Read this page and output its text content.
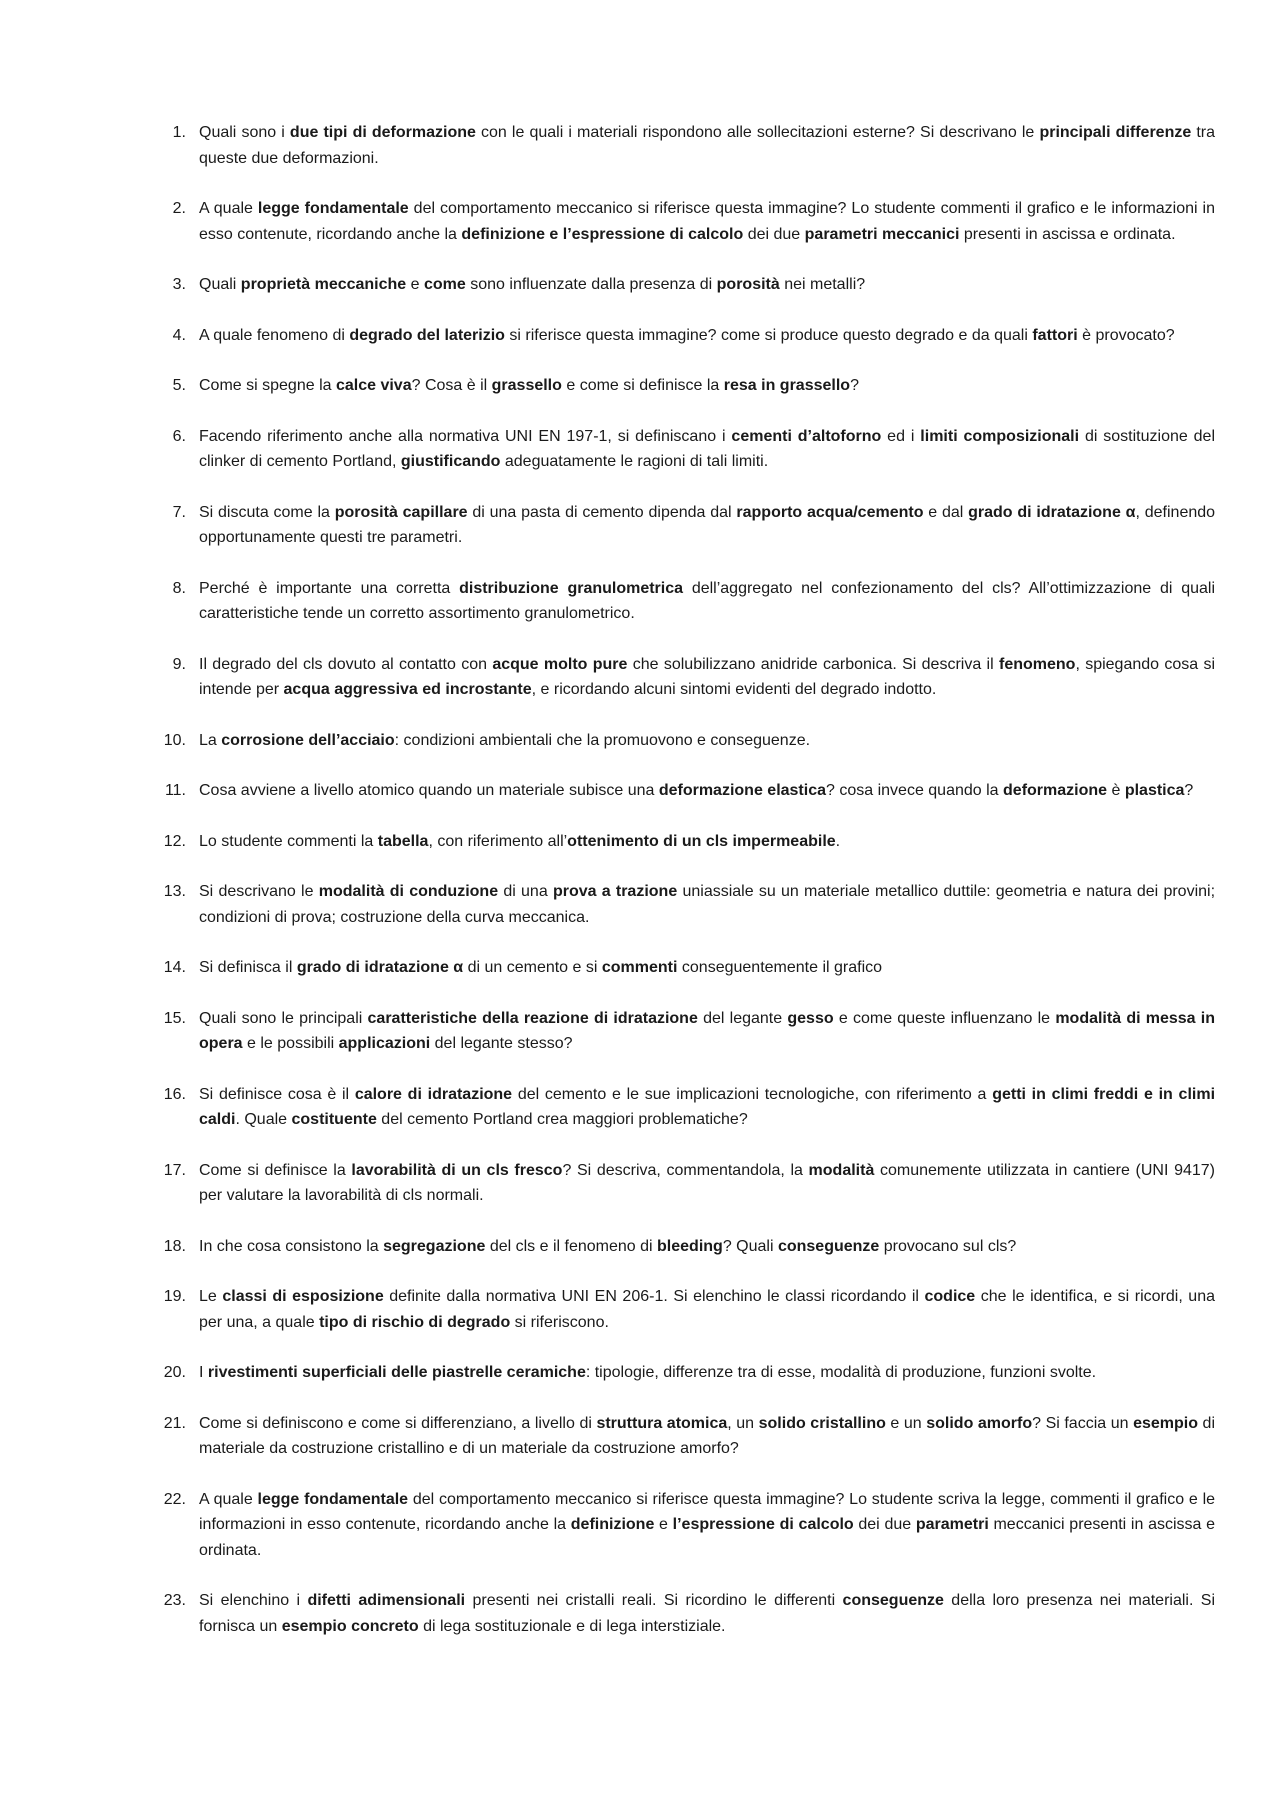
1. Quali sono i due tipi di deformazione con le quali i materiali rispondono alle sollecitazioni esterne? Si descrivano le principali differenze tra queste due deformazioni.
2. A quale legge fondamentale del comportamento meccanico si riferisce questa immagine? Lo studente commenti il grafico e le informazioni in esso contenute, ricordando anche la definizione e l’espressione di calcolo dei due parametri meccanici presenti in ascissa e ordinata.
3. Quali proprietà meccaniche e come sono influenzate dalla presenza di porosità nei metalli?
4. A quale fenomeno di degrado del laterizio si riferisce questa immagine? come si produce questo degrado e da quali fattori è provocato?
5. Come si spegne la calce viva? Cosa è il grassello e come si definisce la resa in grassello?
6. Facendo riferimento anche alla normativa UNI EN 197-1, si definiscano i cementi d’altoforno ed i limiti composizionali di sostituzione del clinker di cemento Portland, giustificando adeguatamente le ragioni di tali limiti.
7. Si discuta come la porosità capillare di una pasta di cemento dipenda dal rapporto acqua/cemento e dal grado di idratazione α, definendo opportunamente questi tre parametri.
8. Perché è importante una corretta distribuzione granulometrica dell’aggregato nel confezionamento del cls? All’ottimizzazione di quali caratteristiche tende un corretto assortimento granulometrico.
9. Il degrado del cls dovuto al contatto con acque molto pure che solubilizzano anidride carbonica. Si descriva il fenomeno, spiegando cosa si intende per acqua aggressiva ed incrostante, e ricordando alcuni sintomi evidenti del degrado indotto.
10. La corrosione dell’acciaio: condizioni ambientali che la promuovono e conseguenze.
11. Cosa avviene a livello atomico quando un materiale subisce una deformazione elastica? cosa invece quando la deformazione è plastica?
12. Lo studente commenti la tabella, con riferimento all’ottenimento di un cls impermeabile.
13. Si descrivano le modalità di conduzione di una prova a trazione uniassiale su un materiale metallico duttile: geometria e natura dei provini; condizioni di prova; costruzione della curva meccanica.
14. Si definisca il grado di idratazione α di un cemento e si commenti conseguentemente il grafico
15. Quali sono le principali caratteristiche della reazione di idratazione del legante gesso e come queste influenzano le modalità di messa in opera e le possibili applicazioni del legante stesso?
16. Si definisce cosa è il calore di idratazione del cemento e le sue implicazioni tecnologiche, con riferimento a getti in climi freddi e in climi caldi. Quale costituente del cemento Portland crea maggiori problematiche?
17. Come si definisce la lavorabilità di un cls fresco? Si descriva, commentandola, la modalità comunemente utilizzata in cantiere (UNI 9417) per valutare la lavorabilità di cls normali.
18. In che cosa consistono la segregazione del cls e il fenomeno di bleeding? Quali conseguenze provocano sul cls?
19. Le classi di esposizione definite dalla normativa UNI EN 206-1. Si elenchino le classi ricordando il codice che le identifica, e si ricordi, una per una, a quale tipo di rischio di degrado si riferiscono.
20. I rivestimenti superficiali delle piastrelle ceramiche: tipologie, differenze tra di esse, modalità di produzione, funzioni svolte.
21. Come si definiscono e come si differenziano, a livello di struttura atomica, un solido cristallino e un solido amorfo? Si faccia un esempio di materiale da costruzione cristallino e di un materiale da costruzione amorfo?
22. A quale legge fondamentale del comportamento meccanico si riferisce questa immagine? Lo studente scriva la legge, commenti il grafico e le informazioni in esso contenute, ricordando anche la definizione e l’espressione di calcolo dei due parametri meccanici presenti in ascissa e ordinata.
23. Si elenchino i difetti adimensionali presenti nei cristalli reali. Si ricordino le differenti conseguenze della loro presenza nei materiali. Si fornisca un esempio concreto di lega sostituzionale e di lega interstiziale.
